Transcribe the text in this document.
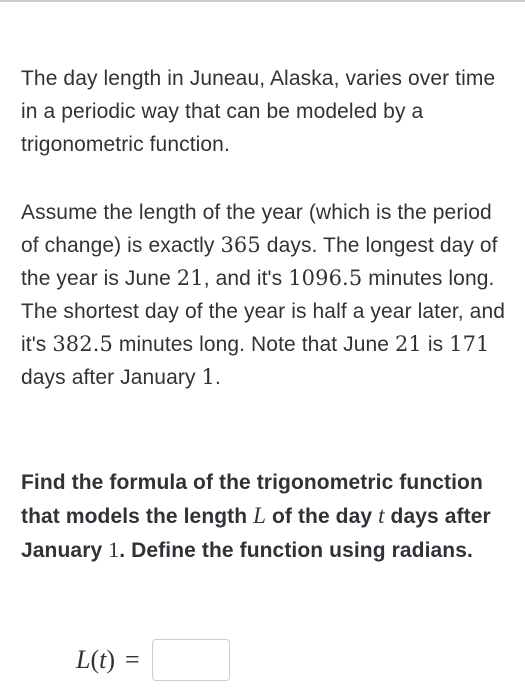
The day length in Juneau, Alaska, varies over time in a periodic way that can be modeled by a trigonometric function.

Assume the length of the year (which is the period of change) is exactly 365 days. The longest day of the year is June 21, and it's 1096.5 minutes long. The shortest day of the year is half a year later, and it's 382.5 minutes long. Note that June 21 is 171 days after January 1.

Find the formula of the trigonometric function that models the length L of the day t days after January 1. Define the function using radians.

L(t) =
